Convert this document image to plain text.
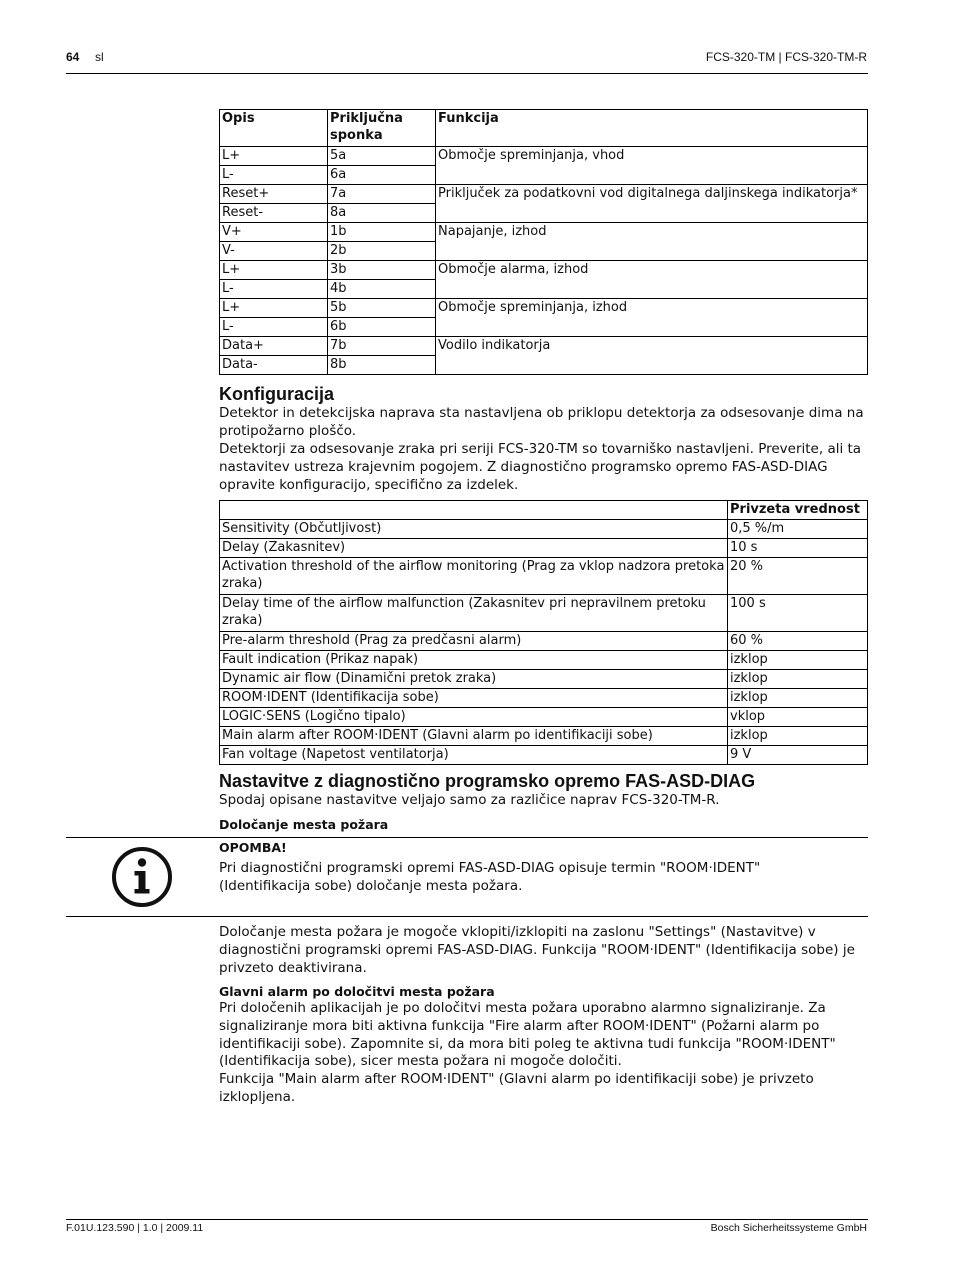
64 sl	FCS-320-TM | FCS-320-TM-R
Opis	Priključna sponka	Funkcija
L+	5a	Območje spreminjanja, vhod
L-	6a	
Reset+	7a	Priključek za podatkovni vod digitalnega daljinskega indikatorja*
Reset-	8a	
V+	1b	Napajanje, izhod
V-	2b	
L+	3b	Območje alarma, izhod
L-	4b	
L+	5b	Območje spreminjanja, izhod
L-	6b	
Data+	7b	Vodilo indikatorja
Data-	8b	
Konfiguracija
Detektor in detekcijska naprava sta nastavljena ob priklopu detektorja za odsesovanje dima na protipožarno ploščo.
Detektorji za odsesovanje zraka pri seriji FCS-320-TM so tovarniško nastavljeni. Preverite, ali ta nastavitev ustreza krajevnim pogojem. Z diagnostično programsko opremo FAS-ASD-DIAG opravite konfiguracijo, specifično za izdelek.
	Privzeta vrednost
Sensitivity (Občutljivost)	0,5 %/m
Delay (Zakasnitev)	10 s
Activation threshold of the airflow monitoring (Prag za vklop nadzora pretoka zraka)	20 %
Delay time of the airflow malfunction (Zakasnitev pri nepravilnem pretoku zraka)	100 s
Pre-alarm threshold (Prag za predčasni alarm)	60 %
Fault indication (Prikaz napak)	izklop
Dynamic air flow (Dinamični pretok zraka)	izklop
ROOM·IDENT (Identifikacija sobe)	izklop
LOGIC·SENS (Logično tipalo)	vklop
Main alarm after ROOM·IDENT (Glavni alarm po identifikaciji sobe)	izklop
Fan voltage (Napetost ventilatorja)	9 V
Nastavitve z diagnostično programsko opremo FAS-ASD-DIAG
Spodaj opisane nastavitve veljajo samo za različice naprav FCS-320-TM-R.
Določanje mesta požara
OPOMBA!
Pri diagnostični programski opremi FAS-ASD-DIAG opisuje termin "ROOM·IDENT" (Identifikacija sobe) določanje mesta požara.
Določanje mesta požara je mogoče vklopiti/izklopiti na zaslonu "Settings" (Nastavitve) v diagnostični programski opremi FAS-ASD-DIAG. Funkcija "ROOM·IDENT" (Identifikacija sobe) je privzeto deaktivirana.
Glavni alarm po določitvi mesta požara
Pri določenih aplikacijah je po določitvi mesta požara uporabno alarmno signaliziranje. Za signaliziranje mora biti aktivna funkcija "Fire alarm after ROOM·IDENT" (Požarni alarm po identifikaciji sobe). Zapomnite si, da mora biti poleg te aktivna tudi funkcija "ROOM·IDENT" (Identifikacija sobe), sicer mesta požara ni mogoče določiti.
Funkcija "Main alarm after ROOM·IDENT" (Glavni alarm po identifikaciji sobe) je privzeto izklopljena.
F.01U.123.590 | 1.0 | 2009.11	Bosch Sicherheitssysteme GmbH
